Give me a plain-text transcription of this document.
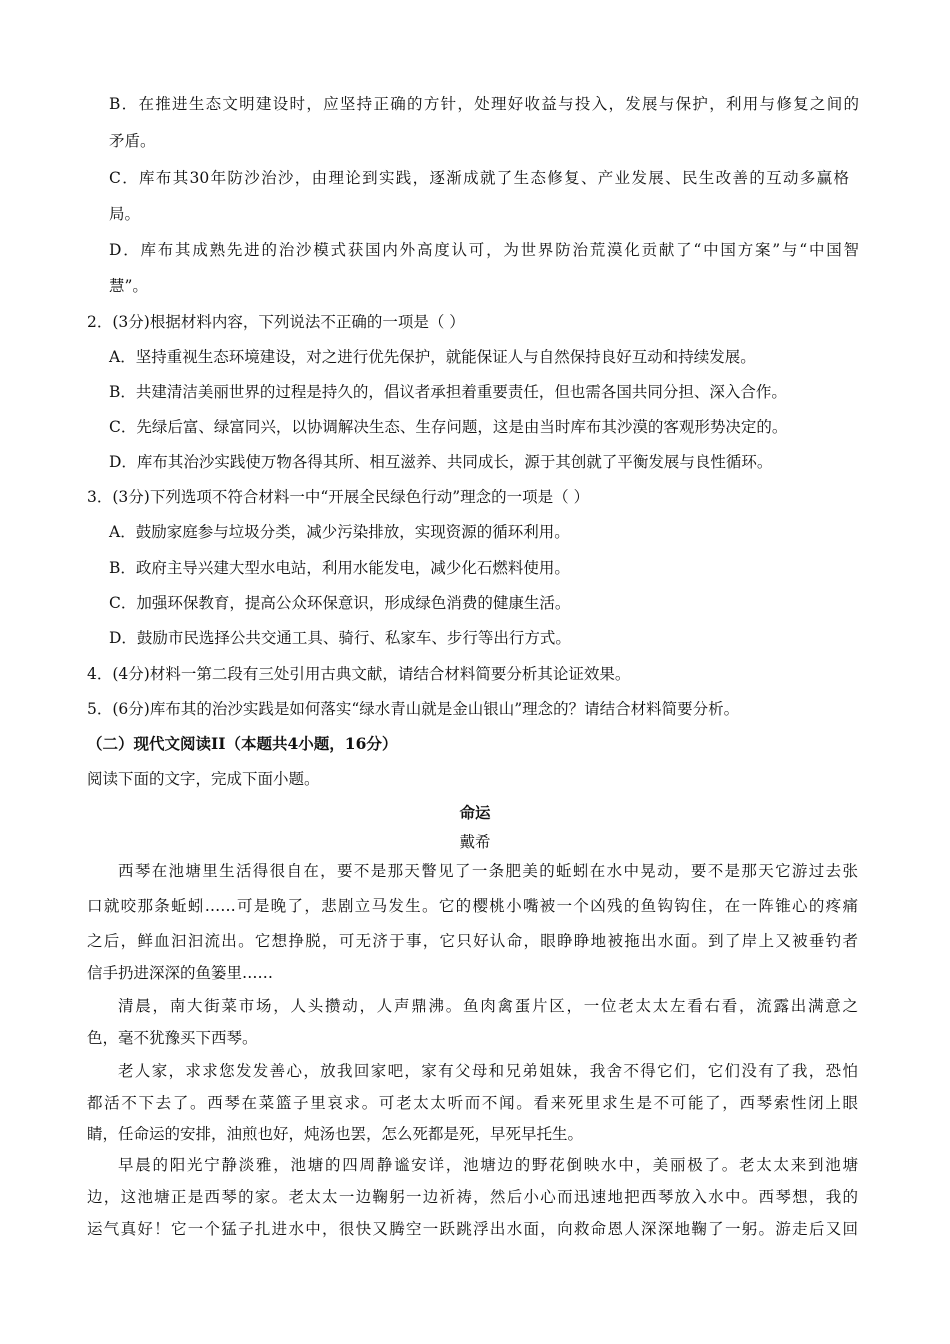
B．在推进生态文明建设时，应坚持正确的方针，处理好收益与投入，发展与保护，利用与修复之间的
矛盾。
C．库布其30年防沙治沙，由理论到实践，逐渐成就了生态修复、产业发展、民生改善的互动多赢格
局。
D．库布其成熟先进的治沙模式获国内外高度认可，为世界防治荒漠化贡献了“中国方案”与“中国智
慧”。
2．(3分)根据材料内容，下列说法不正确的一项是（ ）
A．坚持重视生态环境建设，对之进行优先保护，就能保证人与自然保持良好互动和持续发展。
B．共建清洁美丽世界的过程是持久的，倡议者承担着重要责任，但也需各国共同分担、深入合作。
C．先绿后富、绿富同兴，以协调解决生态、生存问题，这是由当时库布其沙漠的客观形势决定的。
D．库布其治沙实践使万物各得其所、相互滋养、共同成长，源于其创就了平衡发展与良性循环。
3．(3分)下列选项不符合材料一中“开展全民绿色行动”理念的一项是（ ）
A．鼓励家庭参与垃圾分类，减少污染排放，实现资源的循环利用。
B．政府主导兴建大型水电站，利用水能发电，减少化石燃料使用。
C．加强环保教育，提高公众环保意识，形成绿色消费的健康生活。
D．鼓励市民选择公共交通工具、骑行、私家车、步行等出行方式。
4．(4分)材料一第二段有三处引用古典文献，请结合材料简要分析其论证效果。
5．(6分)库布其的治沙实践是如何落实“绿水青山就是金山银山”理念的？请结合材料简要分析。
（二）现代文阅读II（本题共4小题，16分）
阅读下面的文字，完成下面小题。
命运
戴希
西琴在池塘里生活得很自在，要不是那天瞥见了一条肥美的蚯蚓在水中晃动，要不是那天它游过去张
口就咬那条蚯蚓……可是晚了，悲剧立马发生。它的樱桃小嘴被一个凶残的鱼钩钩住，在一阵锥心的疼痛
之后，鲜血汩汩流出。它想挣脱，可无济于事，它只好认命，眼睁睁地被拖出水面。到了岸上又被垂钓者
信手扔进深深的鱼篓里……
清晨，南大街菜市场，人头攒动，人声鼎沸。鱼肉禽蛋片区，一位老太太左看右看，流露出满意之
色，毫不犹豫买下西琴。
老人家，求求您发发善心，放我回家吧，家有父母和兄弟姐妹，我舍不得它们，它们没有了我，恐怕
都活不下去了。西琴在菜篮子里哀求。可老太太听而不闻。看来死里求生是不可能了，西琴索性闭上眼
睛，任命运的安排，油煎也好，炖汤也罢，怎么死都是死，早死早托生。
早晨的阳光宁静淡雅，池塘的四周静谧安详，池塘边的野花倒映水中，美丽极了。老太太来到池塘
边，这池塘正是西琴的家。老太太一边鞠躬一边祈祷，然后小心而迅速地把西琴放入水中。西琴想，我的
运气真好！它一个猛子扎进水中，很快又腾空一跃跳浮出水面，向救命恩人深深地鞠了一躬。游走后又回
